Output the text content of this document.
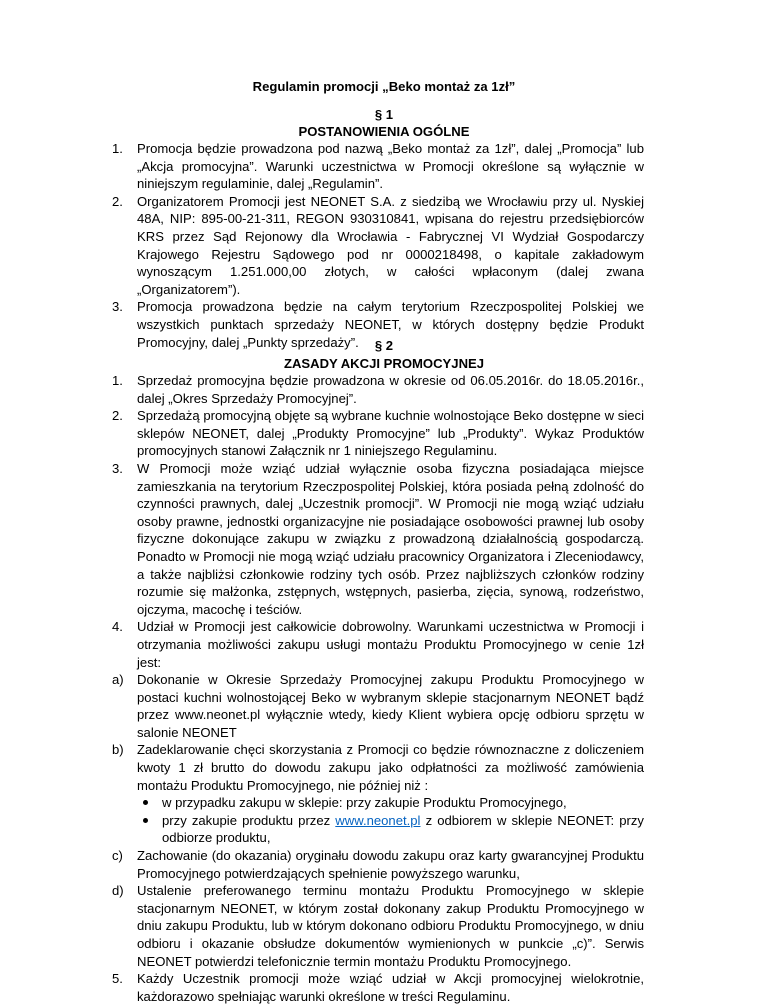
Regulamin promocji „Beko montaż za 1zł”
§ 1
POSTANOWIENIA OGÓLNE
1. Promocja będzie prowadzona pod nazwą „Beko montaż za 1zł”, dalej „Promocja” lub „Akcja promocyjna”. Warunki uczestnictwa w Promocji określone są wyłącznie w niniejszym regulaminie, dalej „Regulamin”.

2. Organizatorem Promocji jest NEONET S.A. z siedzibą we Wrocławiu przy ul. Nyskiej 48A, NIP: 895-00-21-311, REGON 930310841, wpisana do rejestru przedsiębiorców KRS przez Sąd Rejonowy dla Wrocławia - Fabrycznej VI Wydział Gospodarczy Krajowego Rejestru Sądowego pod nr 0000218498, o kapitale zakładowym wynoszącym 1.251.000,00 złotych, w całości wpłaconym (dalej zwana „Organizatorem”).

3. Promocja prowadzona będzie na całym terytorium Rzeczpospolitej Polskiej we wszystkich punktach sprzedaży NEONET, w których dostępny będzie Produkt Promocyjny, dalej „Punkty sprzedaży”.	§ 2
ZASADY AKCJI PROMOCYJNEJ
1. Sprzedaż promocyjna będzie prowadzona w okresie od 06.05.2016r. do 18.05.2016r., dalej „Okres Sprzedaży Promocyjnej”.

2. Sprzedażą promocyjną objęte są wybrane kuchnie wolnostojące Beko dostępne w sieci sklepów NEONET, dalej „Produkty Promocyjne” lub „Produkty”. Wykaz Produktów promocyjnych stanowi Załącznik nr 1 niniejszego Regulaminu.

3. W Promocji może wziąć udział wyłącznie osoba fizyczna posiadająca miejsce zamieszkania na terytorium Rzeczpospolitej Polskiej, która posiada pełną zdolność do czynności prawnych, dalej „Uczestnik promocji”. W Promocji nie mogą wziąć udziału osoby prawne, jednostki organizacyjne nie posiadające osobowości prawnej lub osoby fizyczne dokonujące zakupu w związku z prowadzoną działalnością gospodarczą. Ponadto w Promocji nie mogą wziąć udziału pracownicy Organizatora i Zleceniodawcy, a także najbliżsi członkowie rodziny tych osób. Przez najbliższych członków rodziny rozumie się małżonka, zstępnych, wstępnych, pasierba, zięcia, synową, rodzeństwo, ojczyma, macochę i teściów.

4. Udział w Promocji jest całkowicie dobrowolny. Warunkami uczestnictwa w Promocji i otrzymania możliwości zakupu usługi montażu Produktu Promocyjnego w cenie 1zł jest:

a) Dokonanie w Okresie Sprzedaży Promocyjnej zakupu Produktu Promocyjnego w postaci kuchni wolnostojącej Beko w wybranym sklepie stacjonarnym NEONET bądź przez www.neonet.pl wyłącznie wtedy, kiedy Klient wybiera opcję odbioru sprzętu w salonie NEONET

b) Zadeklarowanie chęci skorzystania z Promocji co będzie równoznaczne z doliczeniem kwoty 1 zł brutto do dowodu zakupu jako odpłatności za możliwość zamówienia montażu Produktu Promocyjnego, nie później niż :

w przypadku zakupu w sklepie: przy zakupie Produktu Promocyjnego,
przy zakupie produktu przez www.neonet.pl z odbiorem w sklepie NEONET: przy odbiorze produktu,
c) Zachowanie (do okazania) oryginału dowodu zakupu oraz karty gwarancyjnej Produktu Promocyjnego potwierdzających spełnienie powyższego warunku,

d) Ustalenie preferowanego terminu montażu Produktu Promocyjnego w sklepie stacjonarnym NEONET, w którym został dokonany zakup Produktu Promocyjnego w dniu zakupu Produktu, lub w którym dokonano odbioru Produktu Promocyjnego, w dniu odbioru i okazanie obsłudze dokumentów wymienionych w punkcie „c)”. Serwis NEONET potwierdzi telefonicznie termin montażu Produktu Promocyjnego.

5. Każdy Uczestnik promocji może wziąć udział w Akcji promocyjnej wielokrotnie, każdorazowo spełniając warunki określone w treści Regulaminu.
